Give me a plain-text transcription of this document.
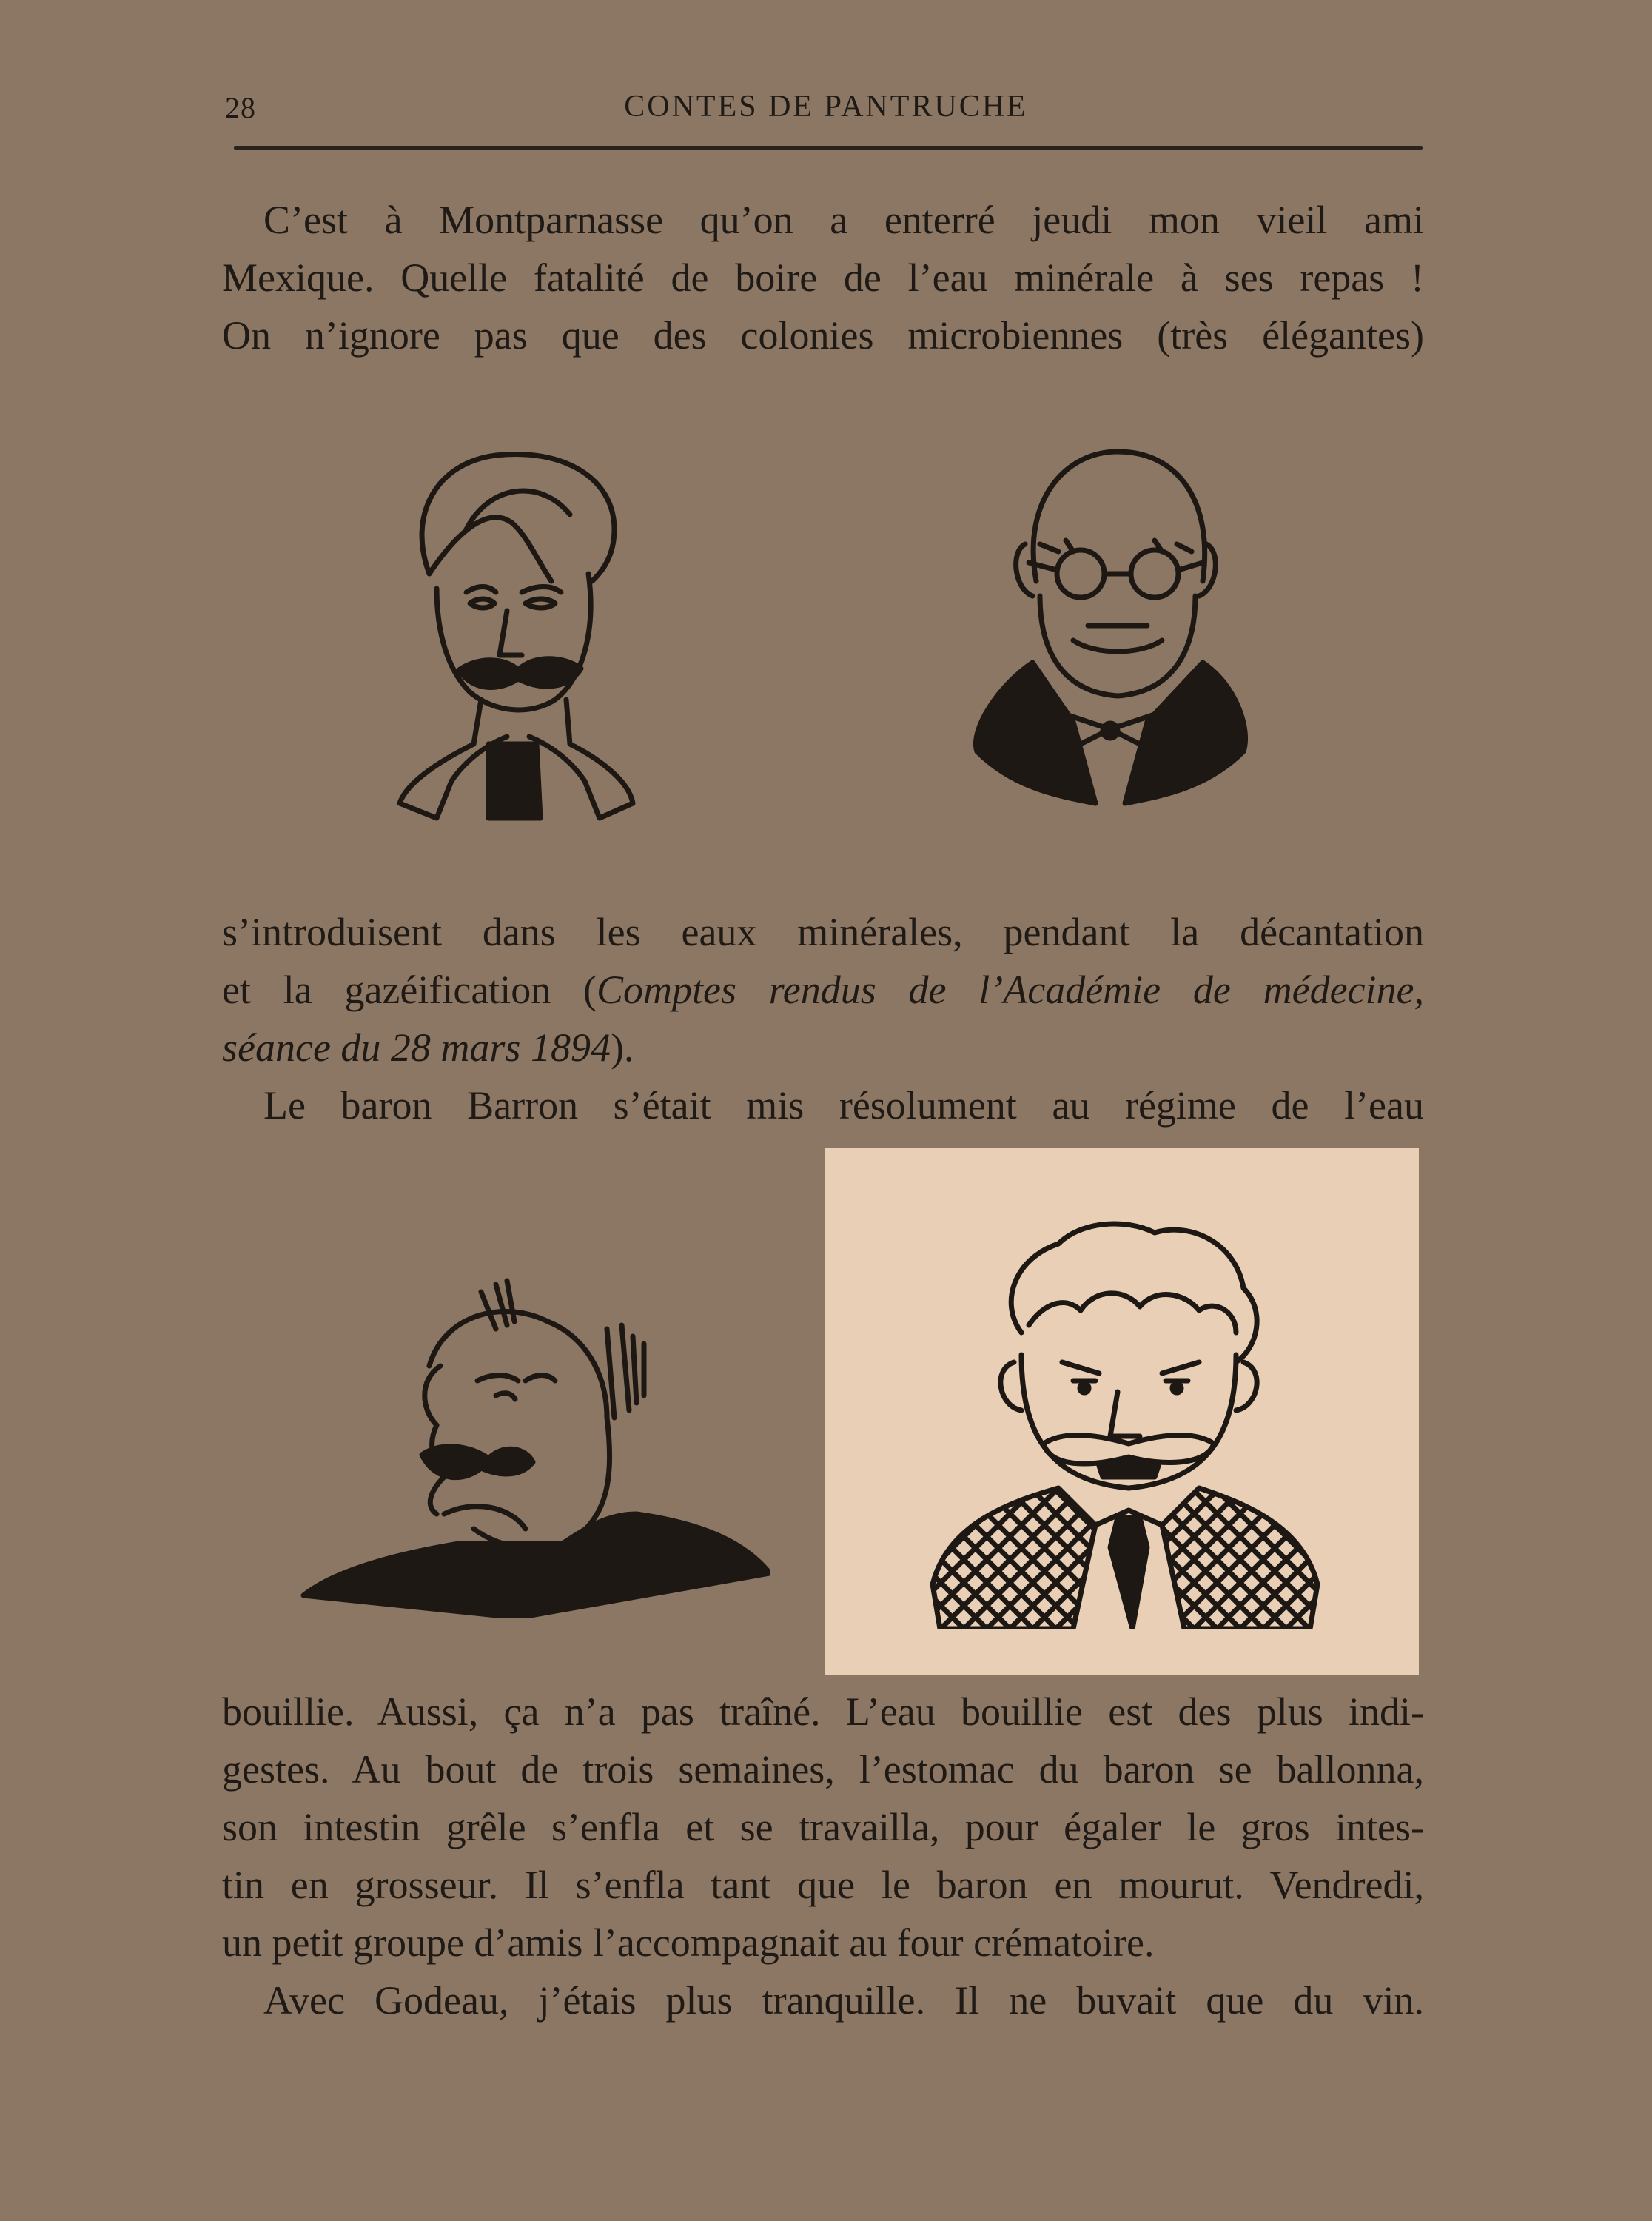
28	CONTES DE PANTRUCHE
C’est à Montparnasse qu’on a enterré jeudi mon vieil ami
Mexique. Quelle fatalité de boire de l’eau minérale à ses repas !
On n’ignore pas que des colonies microbiennes (très élégantes)
s’introduisent dans les eaux minérales, pendant la décantation
et la gazéification (Comptes rendus de l’Académie de médecine,
séance du 28 mars 1894).
Le baron Barron s’était mis résolument au régime de l’eau
bouillie. Aussi, ça n’a pas traîné. L’eau bouillie est des plus indi-
gestes. Au bout de trois semaines, l’estomac du baron se ballonna,
son intestin grêle s’enfla et se travailla, pour égaler le gros intes-
tin en grosseur. Il s’enfla tant que le baron en mourut. Vendredi,
un petit groupe d’amis l’accompagnait au four crématoire.
Avec Godeau, j’étais plus tranquille. Il ne buvait que du vin.
